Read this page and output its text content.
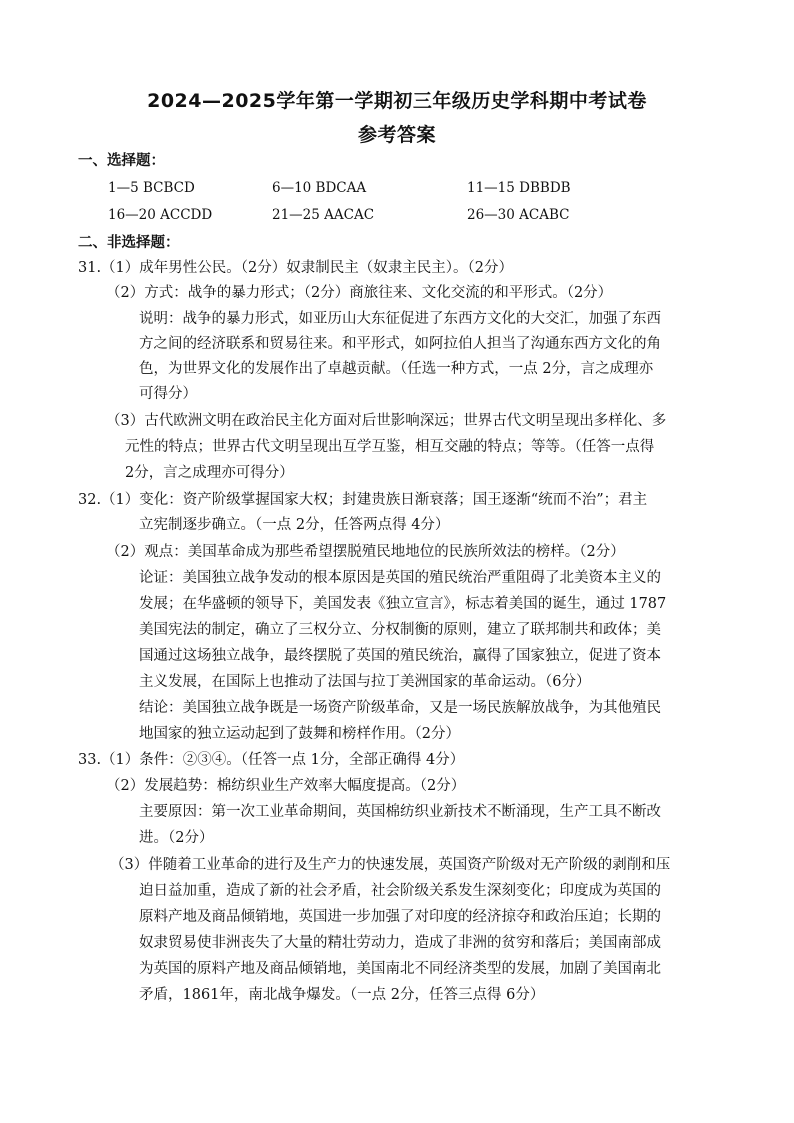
2024—2025学年第一学期初三年级历史学科期中考试卷
参考答案
一、选择题：
1—5 BCBCD	6—10 BDCAA	11—15 DBBDB
16—20 ACCDD	21—25 AACAC	26—30 ACABC
二、非选择题：
31.（1）成年男性公民。（2分）奴隶制民主（奴隶主民主）。（2分）
（2）方式：战争的暴力形式；（2分）商旅往来、文化交流的和平形式。（2分）
说明：战争的暴力形式，如亚历山大东征促进了东西方文化的大交汇，加强了东西
方之间的经济联系和贸易往来。和平形式，如阿拉伯人担当了沟通东西方文化的角
色，为世界文化的发展作出了卓越贡献。（任选一种方式，一点 2分，言之成理亦
可得分）
（3）古代欧洲文明在政治民主化方面对后世影响深远；世界古代文明呈现出多样化、多
元性的特点；世界古代文明呈现出互学互鉴，相互交融的特点；等等。（任答一点得
2分，言之成理亦可得分）
32.（1）变化：资产阶级掌握国家大权；封建贵族日渐衰落；国王逐渐“统而不治”；君主
立宪制逐步确立。（一点 2分，任答两点得 4分）
（2）观点：美国革命成为那些希望摆脱殖民地地位的民族所效法的榜样。（2分）
论证：美国独立战争发动的根本原因是英国的殖民统治严重阻碍了北美资本主义的
发展；在华盛顿的领导下，美国发表《独立宣言》，标志着美国的诞生，通过 1787
美国宪法的制定，确立了三权分立、分权制衡的原则，建立了联邦制共和政体；美
国通过这场独立战争，最终摆脱了英国的殖民统治，赢得了国家独立，促进了资本
主义发展，在国际上也推动了法国与拉丁美洲国家的革命运动。（6分）
结论：美国独立战争既是一场资产阶级革命，又是一场民族解放战争，为其他殖民
地国家的独立运动起到了鼓舞和榜样作用。（2分）
33.（1）条件：②③④。（任答一点 1分，全部正确得 4分）
（2）发展趋势：棉纺织业生产效率大幅度提高。（2分）
主要原因：第一次工业革命期间，英国棉纺织业新技术不断涌现，生产工具不断改
进。（2分）
（3）伴随着工业革命的进行及生产力的快速发展，英国资产阶级对无产阶级的剥削和压
迫日益加重，造成了新的社会矛盾，社会阶级关系发生深刻变化；印度成为英国的
原料产地及商品倾销地，英国进一步加强了对印度的经济掠夺和政治压迫；长期的
奴隶贸易使非洲丧失了大量的精壮劳动力，造成了非洲的贫穷和落后；美国南部成
为英国的原料产地及商品倾销地，美国南北不同经济类型的发展，加剧了美国南北
矛盾，1861年，南北战争爆发。（一点 2分，任答三点得 6分）
